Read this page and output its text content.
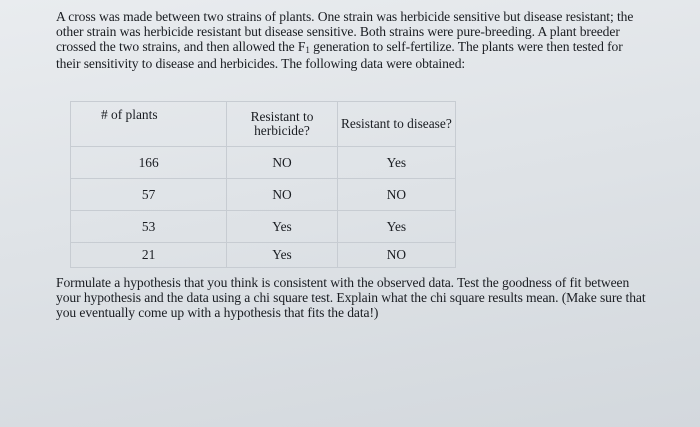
A cross was made between two strains of plants. One strain was herbicide sensitive but disease resistant; the other strain was herbicide resistant but disease sensitive. Both strains were pure-breeding. A plant breeder crossed the two strains, and then allowed the $F_1$ generation to self-fertilize. The plants were then tested for their sensitivity to disease and herbicides. The following data were obtained:

# of plants	Resistant to herbicide?	Resistant to disease?
166	NO	Yes
57	NO	NO
53	Yes	Yes
21	Yes	NO

Formulate a hypothesis that you think is consistent with the observed data. Test the goodness of fit between your hypothesis and the data using a chi square test. Explain what the chi square results mean. (Make sure that you eventually come up with a hypothesis that fits the data!)
